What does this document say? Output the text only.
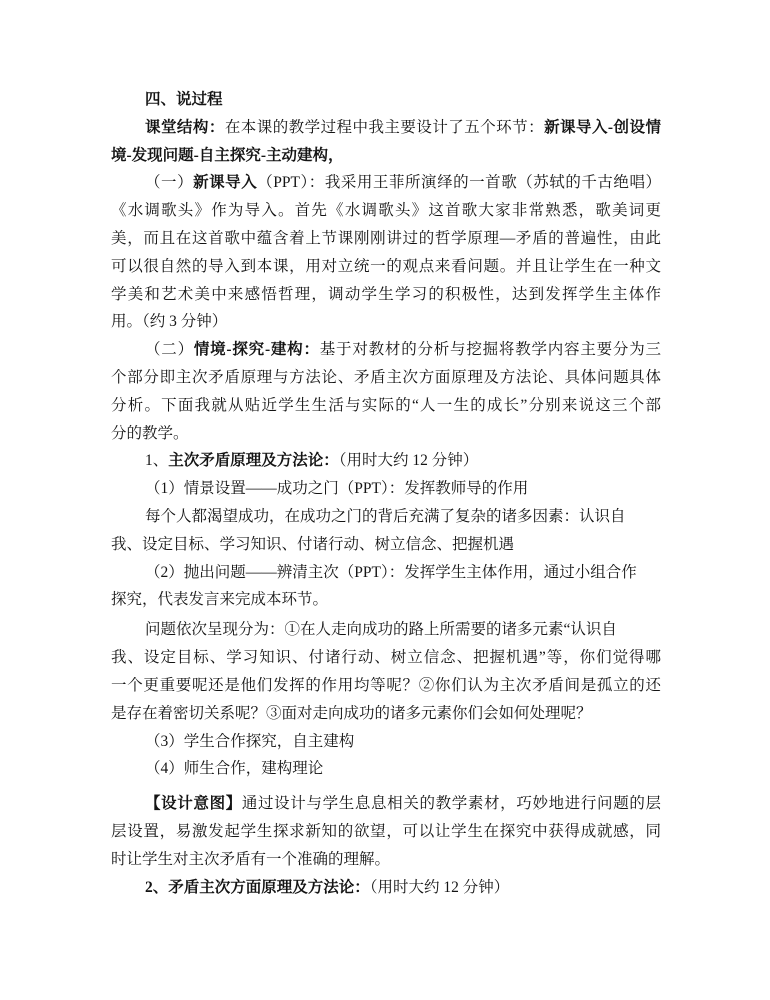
四、说过程
课堂结构：在本课的教学过程中我主要设计了五个环节：新课导入-创设情
境-发现问题-自主探究-主动建构，
（一）新课导入（PPT）：我采用王菲所演绎的一首歌（苏轼的千古绝唱）
《水调歌头》作为导入。首先《水调歌头》这首歌大家非常熟悉，歌美词更
美，而且在这首歌中蕴含着上节课刚刚讲过的哲学原理—矛盾的普遍性，由此
可以很自然的导入到本课，用对立统一的观点来看问题。并且让学生在一种文
学美和艺术美中来感悟哲理，调动学生学习的积极性，达到发挥学生主体作
用。（约 3 分钟）
（二）情境-探究-建构：基于对教材的分析与挖掘将教学内容主要分为三
个部分即主次矛盾原理与方法论、矛盾主次方面原理及方法论、具体问题具体
分析。下面我就从贴近学生生活与实际的“人一生的成长”分别来说这三个部
分的教学。
1、主次矛盾原理及方法论：（用时大约 12 分钟）
（1）情景设置——成功之门（PPT）：发挥教师导的作用
每个人都渴望成功，在成功之门的背后充满了复杂的诸多因素：认识自
我、设定目标、学习知识、付诸行动、树立信念、把握机遇
（2）抛出问题——辨清主次（PPT）：发挥学生主体作用，通过小组合作
探究，代表发言来完成本环节。
问题依次呈现分为：①在人走向成功的路上所需要的诸多元素“认识自
我、设定目标、学习知识、付诸行动、树立信念、把握机遇”等，你们觉得哪
一个更重要呢还是他们发挥的作用均等呢？②你们认为主次矛盾间是孤立的还
是存在着密切关系呢？③面对走向成功的诸多元素你们会如何处理呢？
（3）学生合作探究，自主建构
（4）师生合作，建构理论
【设计意图】通过设计与学生息息相关的教学素材，巧妙地进行问题的层
层设置，易激发起学生探求新知的欲望，可以让学生在探究中获得成就感，同
时让学生对主次矛盾有一个准确的理解。
2、矛盾主次方面原理及方法论：（用时大约 12 分钟）
